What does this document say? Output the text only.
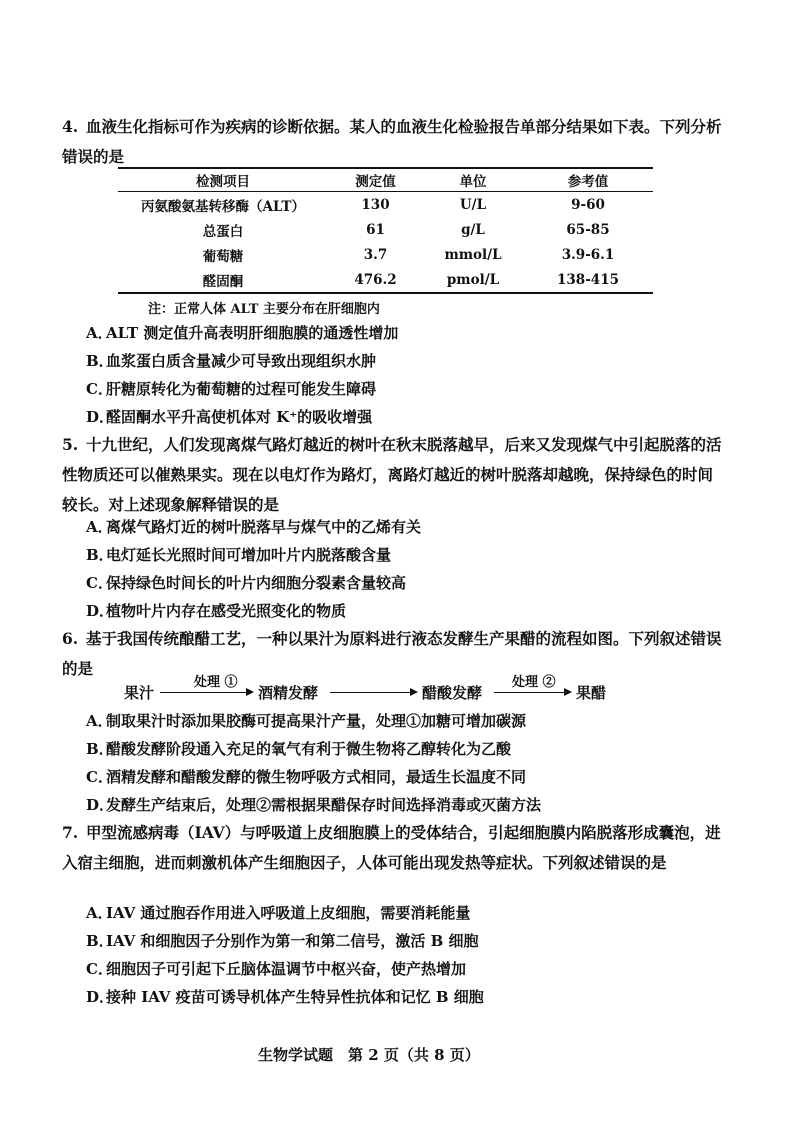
4. 血液生化指标可作为疾病的诊断依据。某人的血液生化检验报告单部分结果如下表。下列分析错误的是
检测项目	测定值	单位	参考值
丙氨酸氨基转移酶（ALT）	130	U/L	9-60
总蛋白	61	g/L	65-85
葡萄糖	3.7	mmol/L	3.9-6.1
醛固酮	476.2	pmol/L	138-415
注：正常人体 ALT 主要分布在肝细胞内
A．ALT 测定值升高表明肝细胞膜的通透性增加
B．血浆蛋白质含量减少可导致出现组织水肿
C．肝糖原转化为葡萄糖的过程可能发生障碍
D．醛固酮水平升高使机体对 K⁺的吸收增强
5. 十九世纪，人们发现离煤气路灯越近的树叶在秋末脱落越早，后来又发现煤气中引起脱落的活性物质还可以催熟果实。现在以电灯作为路灯，离路灯越近的树叶脱落却越晚，保持绿色的时间较长。对上述现象解释错误的是
A．离煤气路灯近的树叶脱落早与煤气中的乙烯有关
B．电灯延长光照时间可增加叶片内脱落酸含量
C．保持绿色时间长的叶片内细胞分裂素含量较高
D．植物叶片内存在感受光照变化的物质
6. 基于我国传统酿醋工艺，一种以果汁为原料进行液态发酵生产果醋的流程如图。下列叙述错误的是
果汁
处理 ①
酒精发酵	醋酸发酵
处理 ②
果醋
A．制取果汁时添加果胶酶可提高果汁产量，处理①加糖可增加碳源
B．醋酸发酵阶段通入充足的氧气有利于微生物将乙醇转化为乙酸
C．酒精发酵和醋酸发酵的微生物呼吸方式相同，最适生长温度不同
D．发酵生产结束后，处理②需根据果醋保存时间选择消毒或灭菌方法
7. 甲型流感病毒（IAV）与呼吸道上皮细胞膜上的受体结合，引起细胞膜内陷脱落形成囊泡，进入宿主细胞，进而刺激机体产生细胞因子，人体可能出现发热等症状。下列叙述错误的是
A．IAV 通过胞吞作用进入呼吸道上皮细胞，需要消耗能量
B．IAV 和细胞因子分别作为第一和第二信号，激活 B 细胞
C．细胞因子可引起下丘脑体温调节中枢兴奋，使产热增加
D．接种 IAV 疫苗可诱导机体产生特异性抗体和记忆 B 细胞
生物学试题　第 2 页（共 8 页）
